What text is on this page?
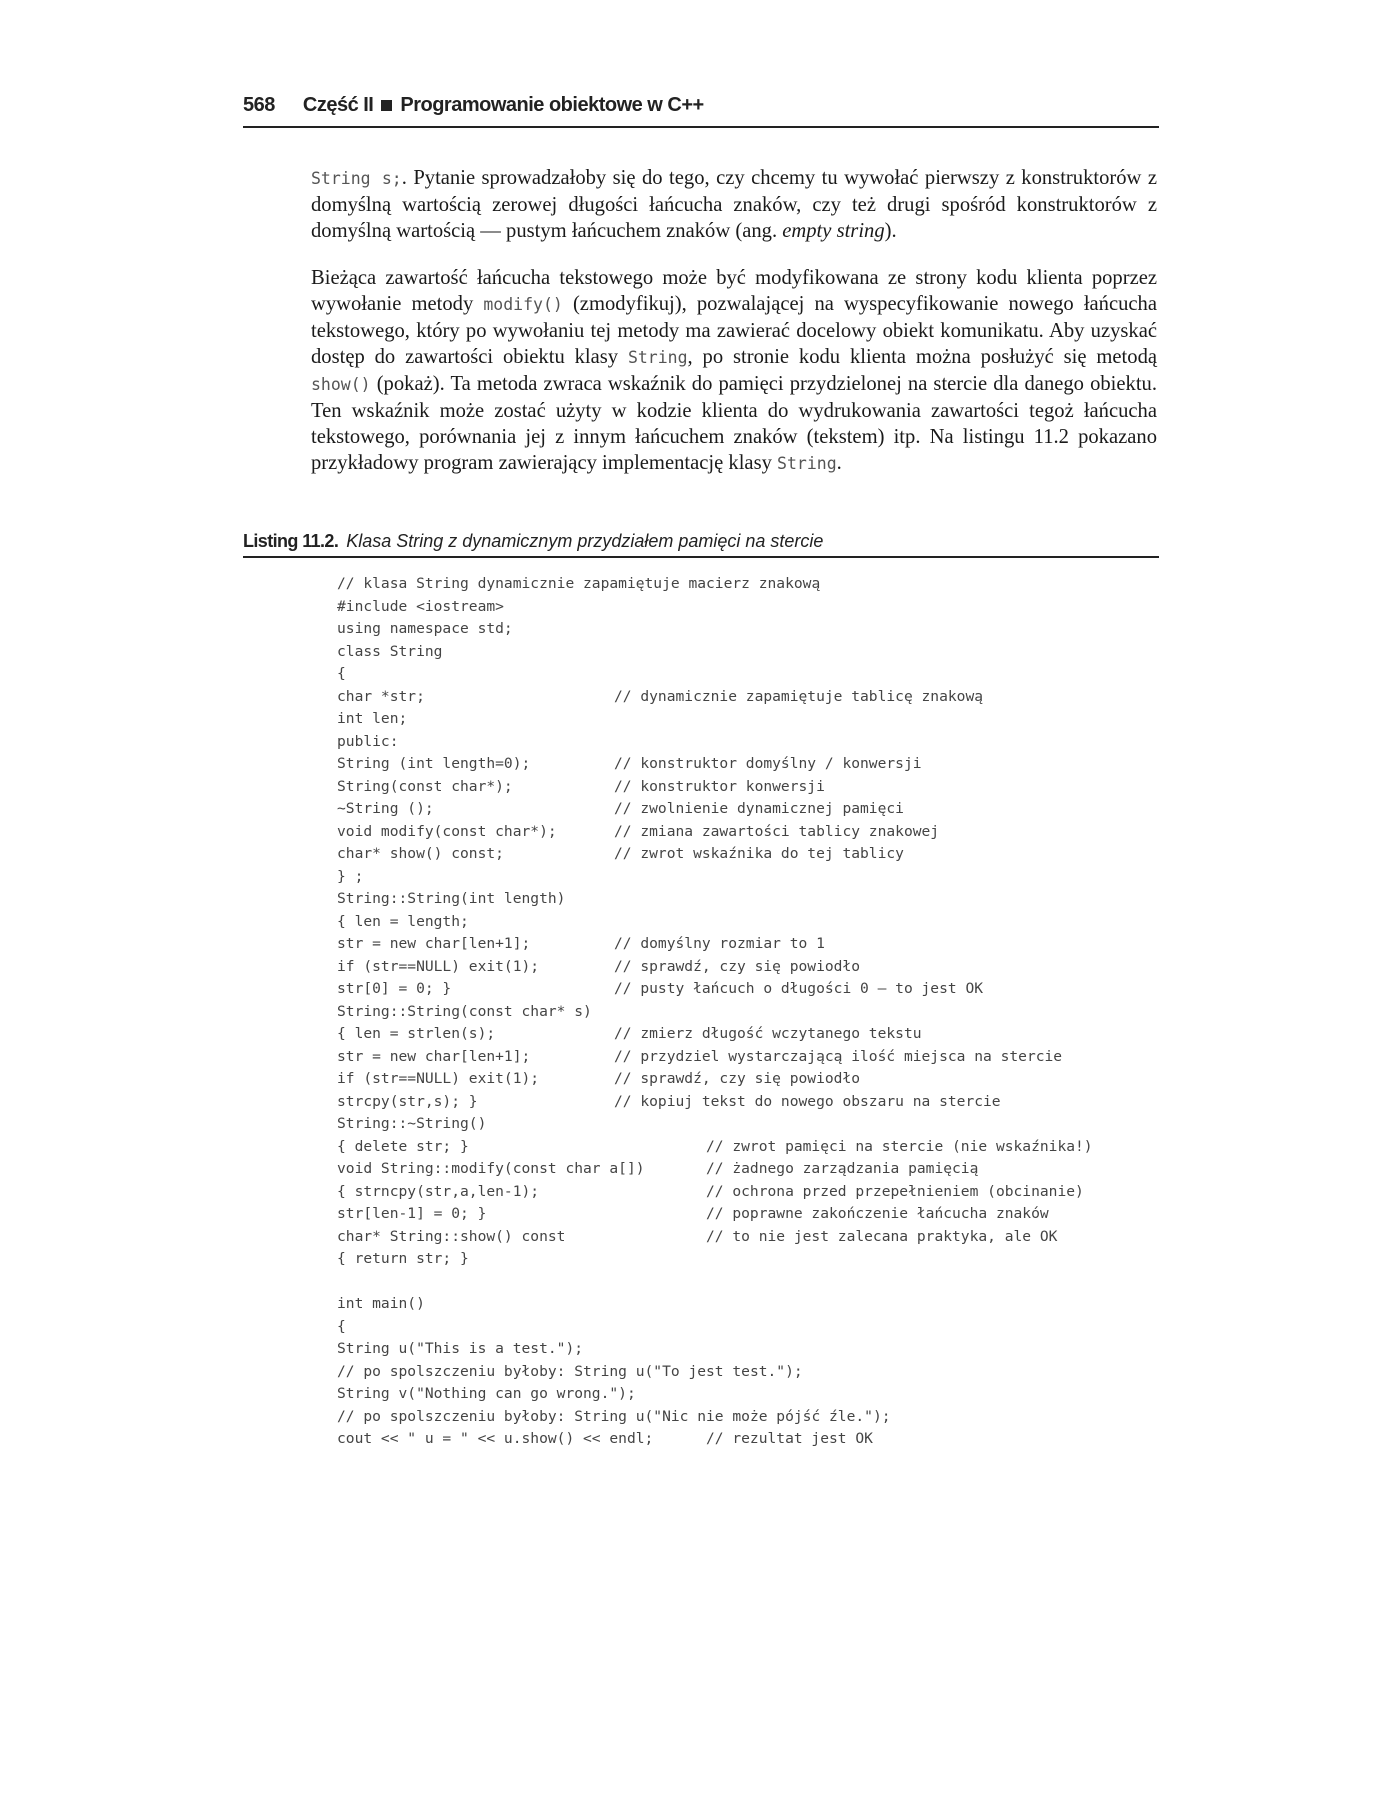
568 Część II Programowanie obiektowe w C++
String s;. Pytanie sprowadzałoby się do tego, czy chcemy tu wywołać pierwszy z konstruktorów z domyślną wartością zerowej długości łańcucha znaków, czy też drugi spośród konstruktorów z domyślną wartością — pustym łańcuchem znaków (ang. empty string).
Bieżąca zawartość łańcucha tekstowego może być modyfikowana ze strony kodu klienta poprzez wywołanie metody modify() (zmodyfikuj), pozwalającej na wyspecyfikowanie nowego łańcucha tekstowego, który po wywołaniu tej metody ma zawierać docelowy obiekt komunikatu. Aby uzyskać dostęp do zawartości obiektu klasy String, po stronie kodu klienta można posłużyć się metodą show() (pokaż). Ta metoda zwraca wskaźnik do pamięci przydzielonej na stercie dla danego obiektu. Ten wskaźnik może zostać użyty w kodzie klienta do wydrukowania zawartości tegoż łańcucha tekstowego, porównania jej z innym łańcuchem znaków (tekstem) itp. Na listingu 11.2 pokazano przykładowy program zawierający implementację klasy String.
Listing 11.2. Klasa String z dynamicznym przydziałem pamięci na stercie
// klasa String dynamicznie zapamiętuje macierz znakową
#include <iostream>
using namespace std;
class String
{
char *str;	// dynamicznie zapamiętuje tablicę znakową
int len;
public:
String (int length=0);	// konstruktor domyślny / konwersji
String(const char*);	// konstruktor konwersji
~String ();	// zwolnienie dynamicznej pamięci
void modify(const char*);	// zmiana zawartości tablicy znakowej
char* show() const;	// zwrot wskaźnika do tej tablicy
} ;
String::String(int length)
{ len = length;
str = new char[len+1];	// domyślny rozmiar to 1
if (str==NULL) exit(1);	// sprawdź, czy się powiodło
str[0] = 0; }	// pusty łańcuch o długości 0 — to jest OK
String::String(const char* s)
{ len = strlen(s);	// zmierz długość wczytanego tekstu
str = new char[len+1];	// przydziel wystarczającą ilość miejsca na stercie
if (str==NULL) exit(1);	// sprawdź, czy się powiodło
strcpy(str,s); }	// kopiuj tekst do nowego obszaru na stercie
String::~String()
{ delete str; }	// zwrot pamięci na stercie (nie wskaźnika!)
void String::modify(const char a[])	// żadnego zarządzania pamięcią
{ strncpy(str,a,len-1);	// ochrona przed przepełnieniem (obcinanie)
str[len-1] = 0; }	// poprawne zakończenie łańcucha znaków
char* String::show() const	// to nie jest zalecana praktyka, ale OK
{ return str; }
int main()
{
String u("This is a test.");
// po spolszczeniu byłoby: String u("To jest test.");
String v("Nothing can go wrong.");
// po spolszczeniu byłoby: String u("Nic nie może pójść źle.");
cout << " u = " << u.show() << endl;	// rezultat jest OK
